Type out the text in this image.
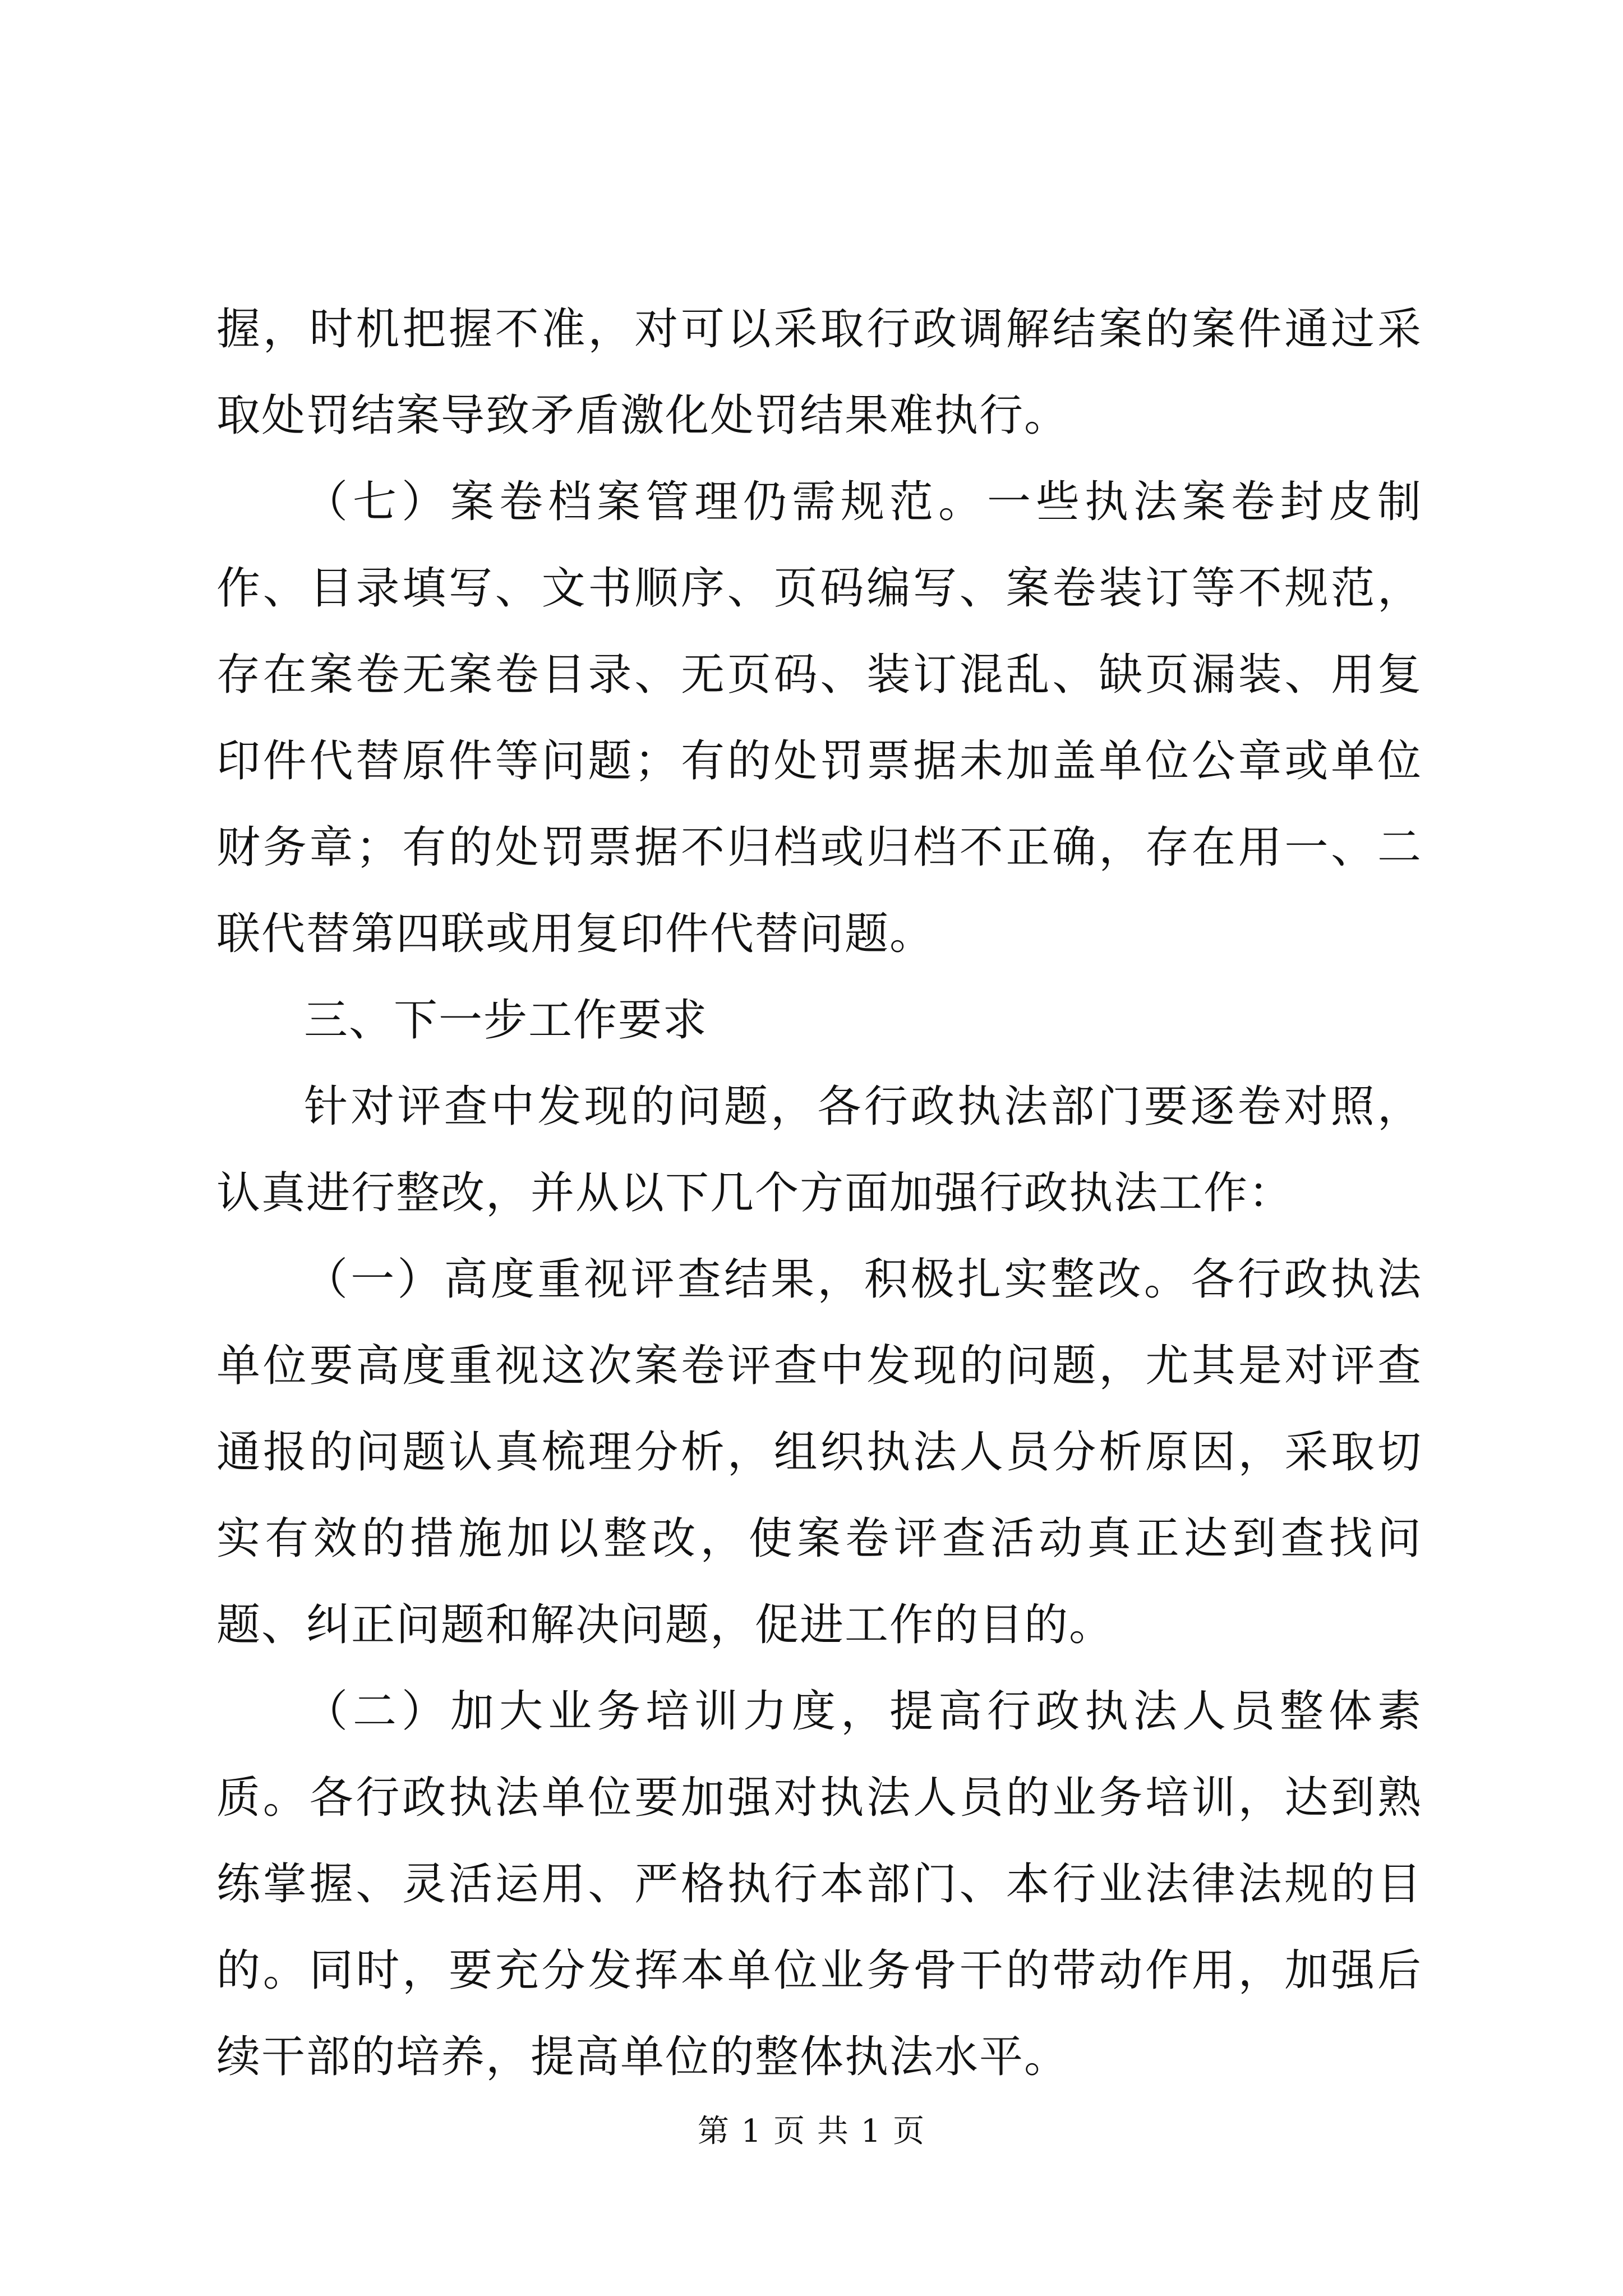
握，时机把握不准，对可以采取行政调解结案的案件通过采取处罚结案导致矛盾激化处罚结果难执行。

（七）案卷档案管理仍需规范。一些执法案卷封皮制作、目录填写、文书顺序、页码编写、案卷装订等不规范，存在案卷无案卷目录、无页码、装订混乱、缺页漏装、用复印件代替原件等问题；有的处罚票据未加盖单位公章或单位财务章；有的处罚票据不归档或归档不正确，存在用一、二联代替第四联或用复印件代替问题。

三、下一步工作要求

针对评查中发现的问题，各行政执法部门要逐卷对照，认真进行整改，并从以下几个方面加强行政执法工作：

（一）高度重视评查结果，积极扎实整改。各行政执法单位要高度重视这次案卷评查中发现的问题，尤其是对评查通报的问题认真梳理分析，组织执法人员分析原因，采取切实有效的措施加以整改，使案卷评查活动真正达到查找问题、纠正问题和解决问题，促进工作的目的。

（二）加大业务培训力度，提高行政执法人员整体素质。各行政执法单位要加强对执法人员的业务培训，达到熟练掌握、灵活运用、严格执行本部门、本行业法律法规的目的。同时，要充分发挥本单位业务骨干的带动作用，加强后续干部的培养，提高单位的整体执法水平。

第 1 页 共 1 页
